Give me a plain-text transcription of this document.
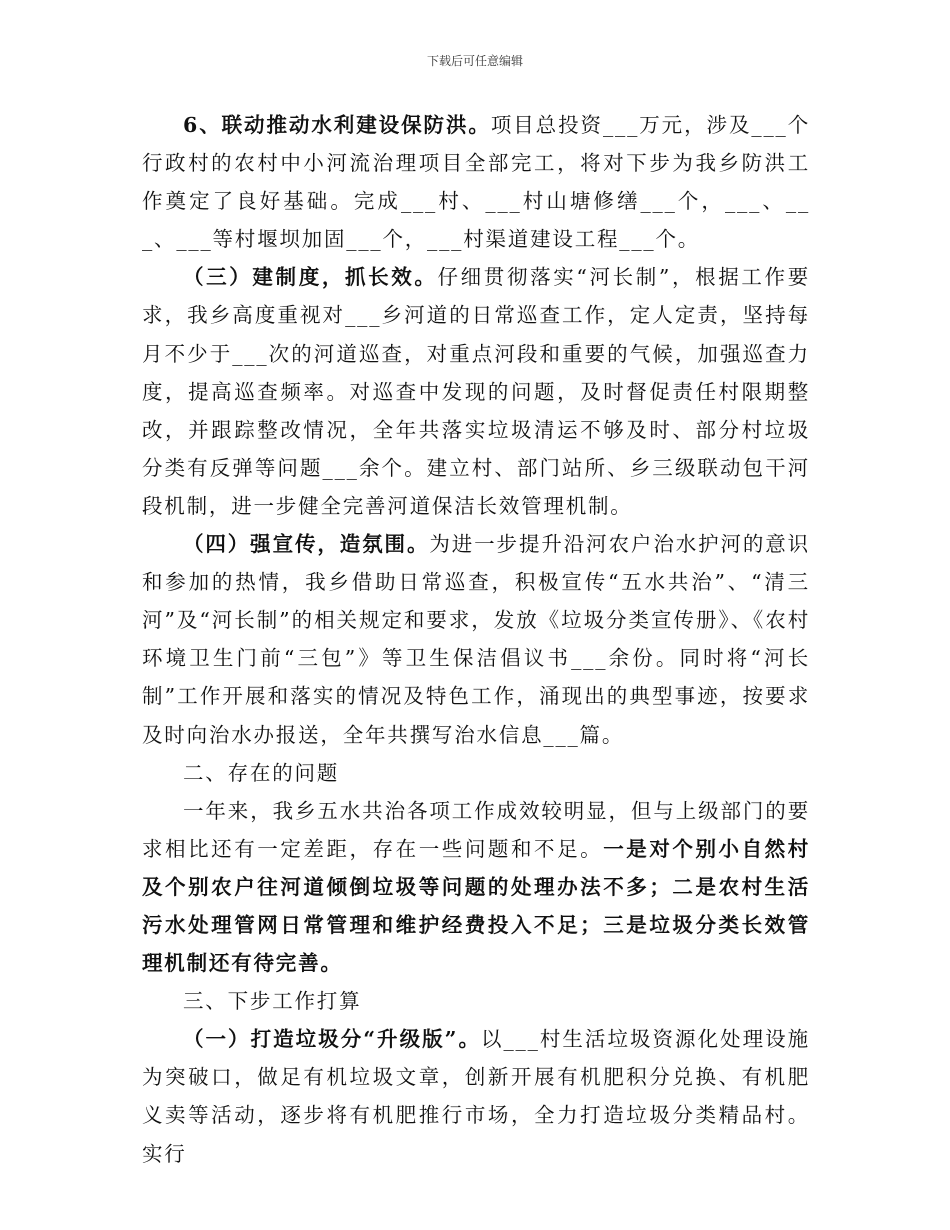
下载后可任意编辑

6、联动推动水利建设保防洪。项目总投资___万元，涉及___个行政村的农村中小河流治理项目全部完工，将对下步为我乡防洪工作奠定了良好基础。完成___村、___村山塘修缮___个，___、___、___等村堰坝加固___个，___村渠道建设工程___个。

（三）建制度，抓长效。仔细贯彻落实“河长制”，根据工作要求，我乡高度重视对___乡河道的日常巡查工作，定人定责，坚持每月不少于___次的河道巡查，对重点河段和重要的气候，加强巡查力度，提高巡查频率。对巡查中发现的问题，及时督促责任村限期整改，并跟踪整改情况，全年共落实垃圾清运不够及时、部分村垃圾分类有反弹等问题___余个。建立村、部门站所、乡三级联动包干河段机制，进一步健全完善河道保洁长效管理机制。

（四）强宣传，造氛围。为进一步提升沿河农户治水护河的意识和参加的热情，我乡借助日常巡查，积极宣传“五水共治”、“清三河”及“河长制”的相关规定和要求，发放《垃圾分类宣传册》、《农村环境卫生门前“三包”》等卫生保洁倡议书___余份。同时将“河长制”工作开展和落实的情况及特色工作，涌现出的典型事迹，按要求及时向治水办报送，全年共撰写治水信息___篇。

二、存在的问题

一年来，我乡五水共治各项工作成效较明显，但与上级部门的要求相比还有一定差距，存在一些问题和不足。一是对个别小自然村及个别农户往河道倾倒垃圾等问题的处理办法不多；二是农村生活污水处理管网日常管理和维护经费投入不足；三是垃圾分类长效管理机制还有待完善。

三、下步工作打算

（一）打造垃圾分“升级版”。以___村生活垃圾资源化处理设施为突破口，做足有机垃圾文章，创新开展有机肥积分兑换、有机肥义卖等活动，逐步将有机肥推行市场，全力打造垃圾分类精品村。实行
